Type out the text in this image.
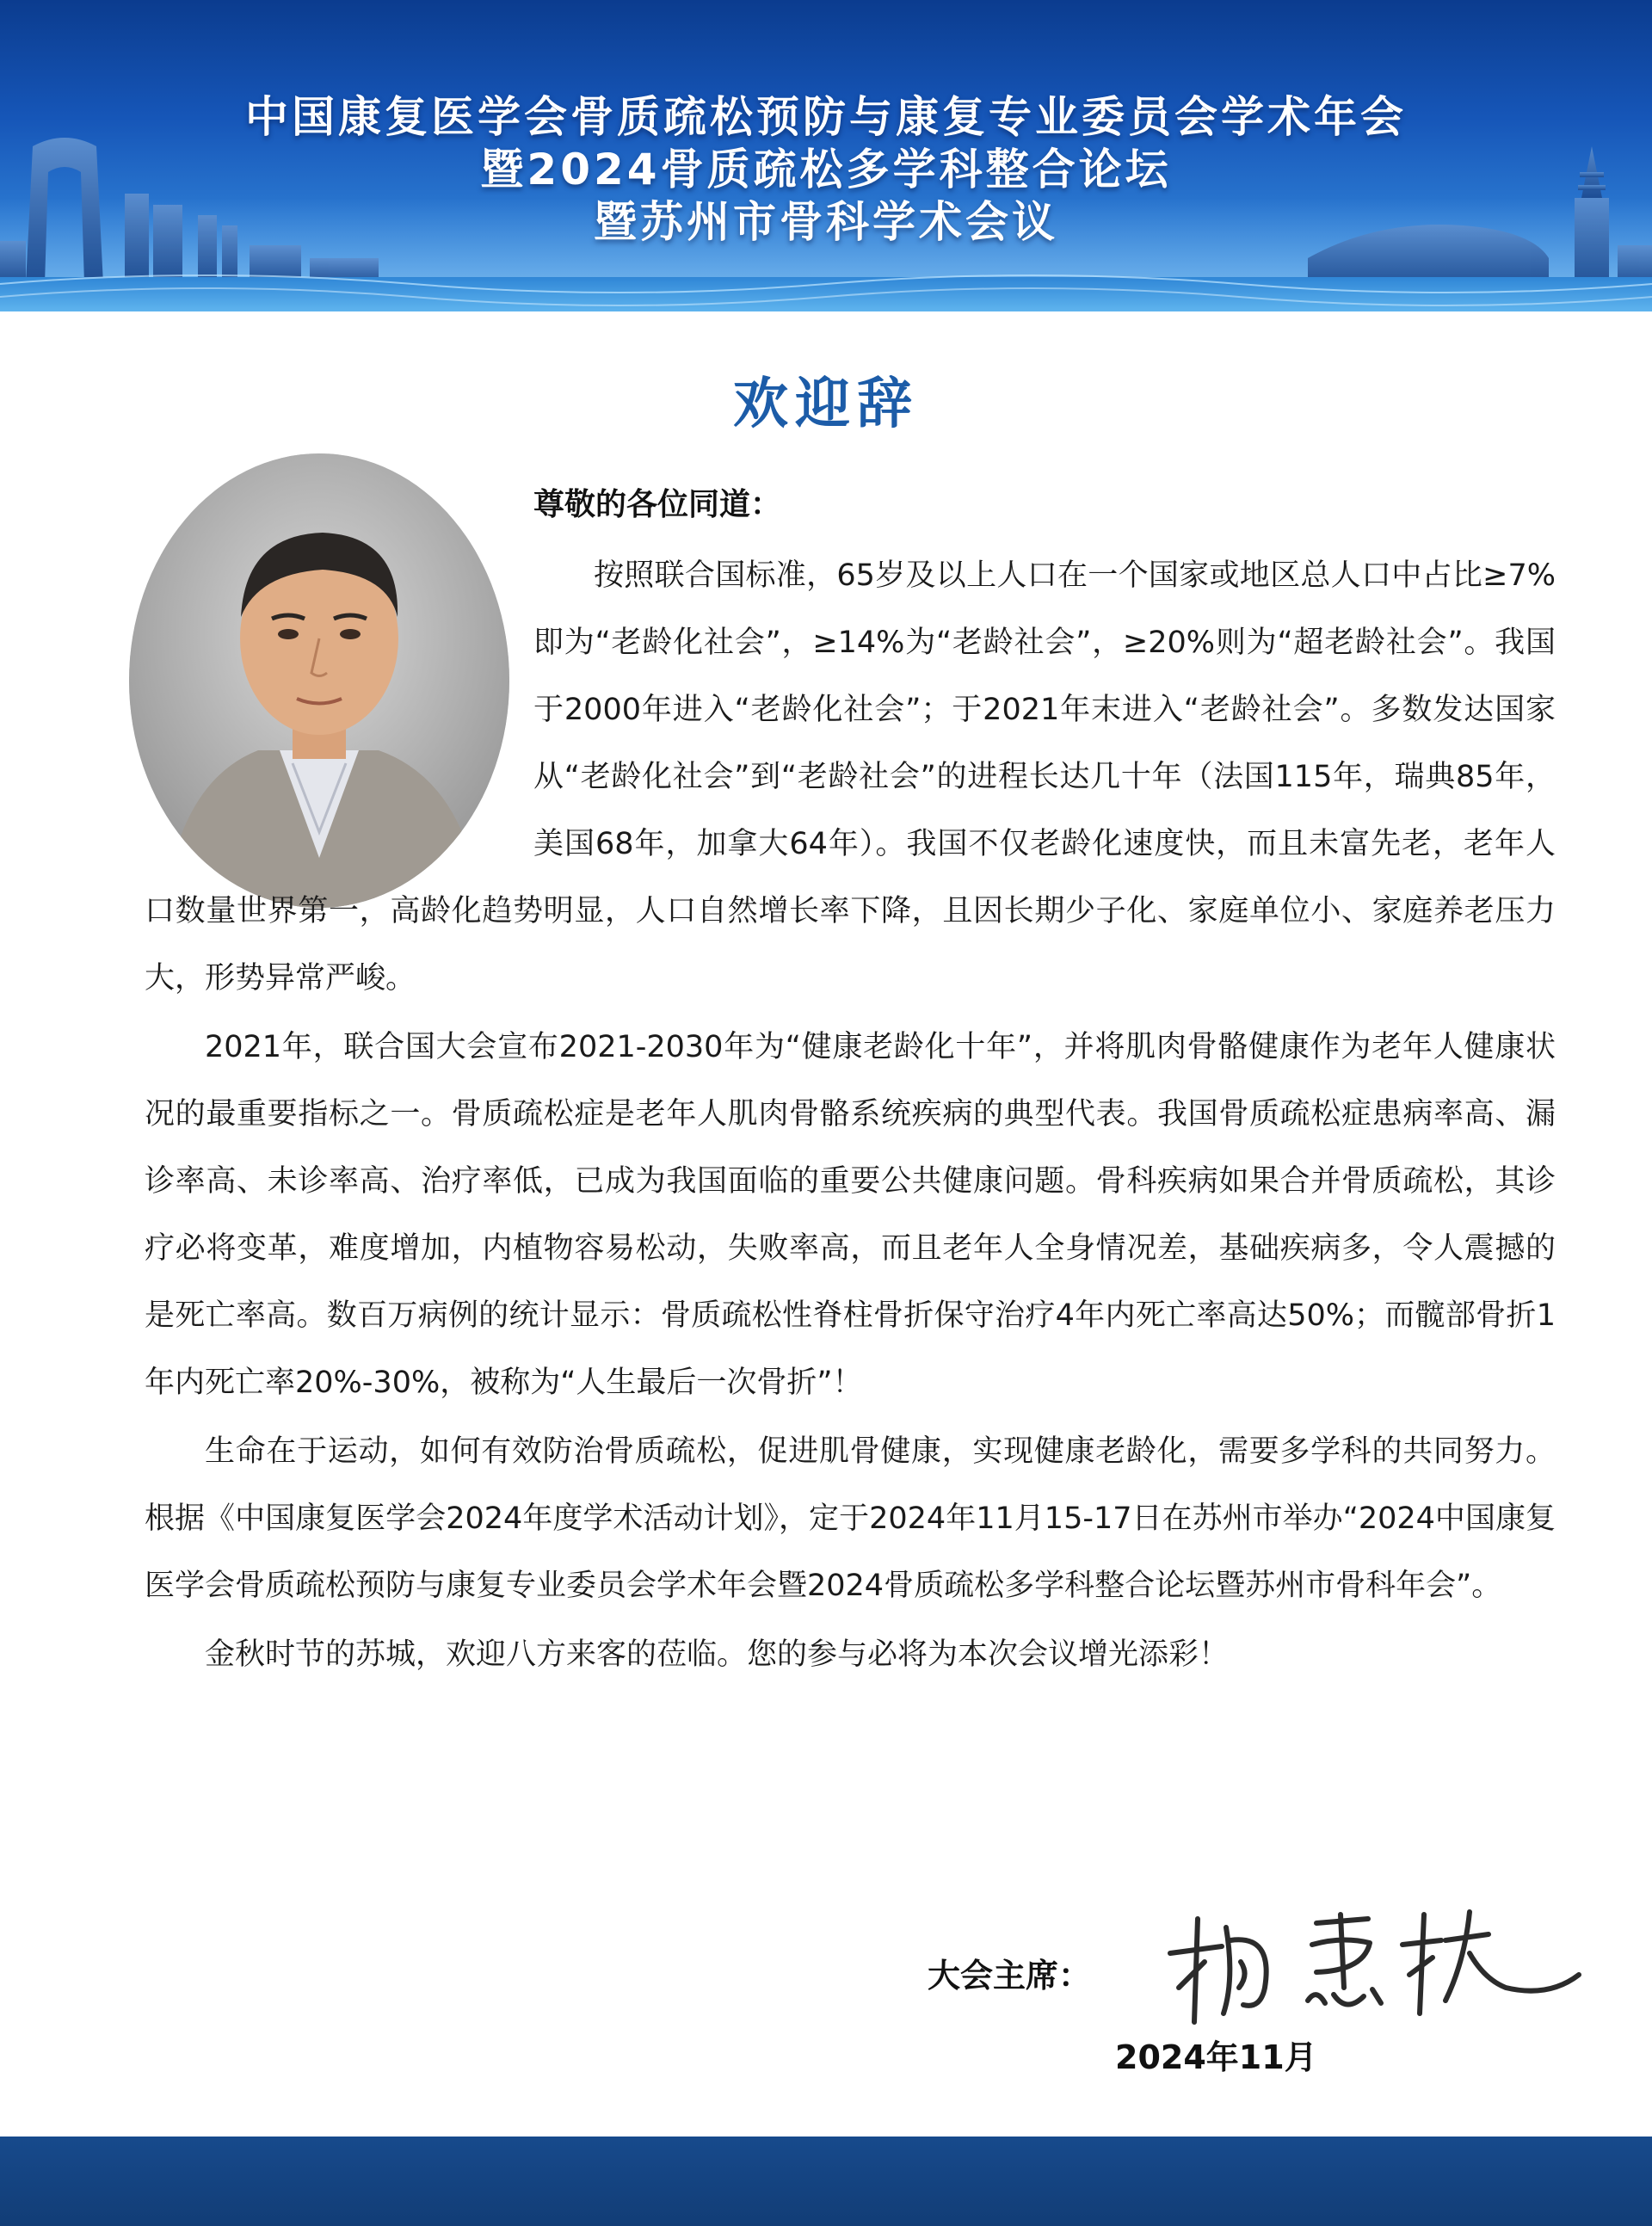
中国康复医学会骨质疏松预防与康复专业委员会学术年会
暨2024骨质疏松多学科整合论坛
暨苏州市骨科学术会议
欢迎辞
尊敬的各位同道：

按照联合国标准，65岁及以上人口在一个国家或地区总人口中占比≥7%即为“老龄化社会”，≥14%为“老龄社会”，≥20%则为“超老龄社会”。我国于2000年进入“老龄化社会”；于2021年末进入“老龄社会”。多数发达国家从“老龄化社会”到“老龄社会”的进程长达几十年（法国115年，瑞典85年，美国68年，加拿大64年）。我国不仅老龄化速度快，而且未富先老，老年人口数量世界第一，高龄化趋势明显，人口自然增长率下降，且因长期少子化、家庭单位小、家庭养老压力大，形势异常严峻。

2021年，联合国大会宣布2021-2030年为“健康老龄化十年”，并将肌肉骨骼健康作为老年人健康状况的最重要指标之一。骨质疏松症是老年人肌肉骨骼系统疾病的典型代表。我国骨质疏松症患病率高、漏诊率高、未诊率高、治疗率低，已成为我国面临的重要公共健康问题。骨科疾病如果合并骨质疏松，其诊疗必将变革，难度增加，内植物容易松动，失败率高，而且老年人全身情况差，基础疾病多，令人震撼的是死亡率高。数百万病例的统计显示：骨质疏松性脊柱骨折保守治疗4年内死亡率高达50%；而髋部骨折1年内死亡率20%-30%，被称为“人生最后一次骨折”！

生命在于运动，如何有效防治骨质疏松，促进肌骨健康，实现健康老龄化，需要多学科的共同努力。根据《中国康复医学会2024年度学术活动计划》，定于2024年11月15-17日在苏州市举办“2024中国康复医学会骨质疏松预防与康复专业委员会学术年会暨2024骨质疏松多学科整合论坛暨苏州市骨科年会”。

金秋时节的苏城，欢迎八方来客的莅临。您的参与必将为本次会议增光添彩！

大会主席：
2024年11月
